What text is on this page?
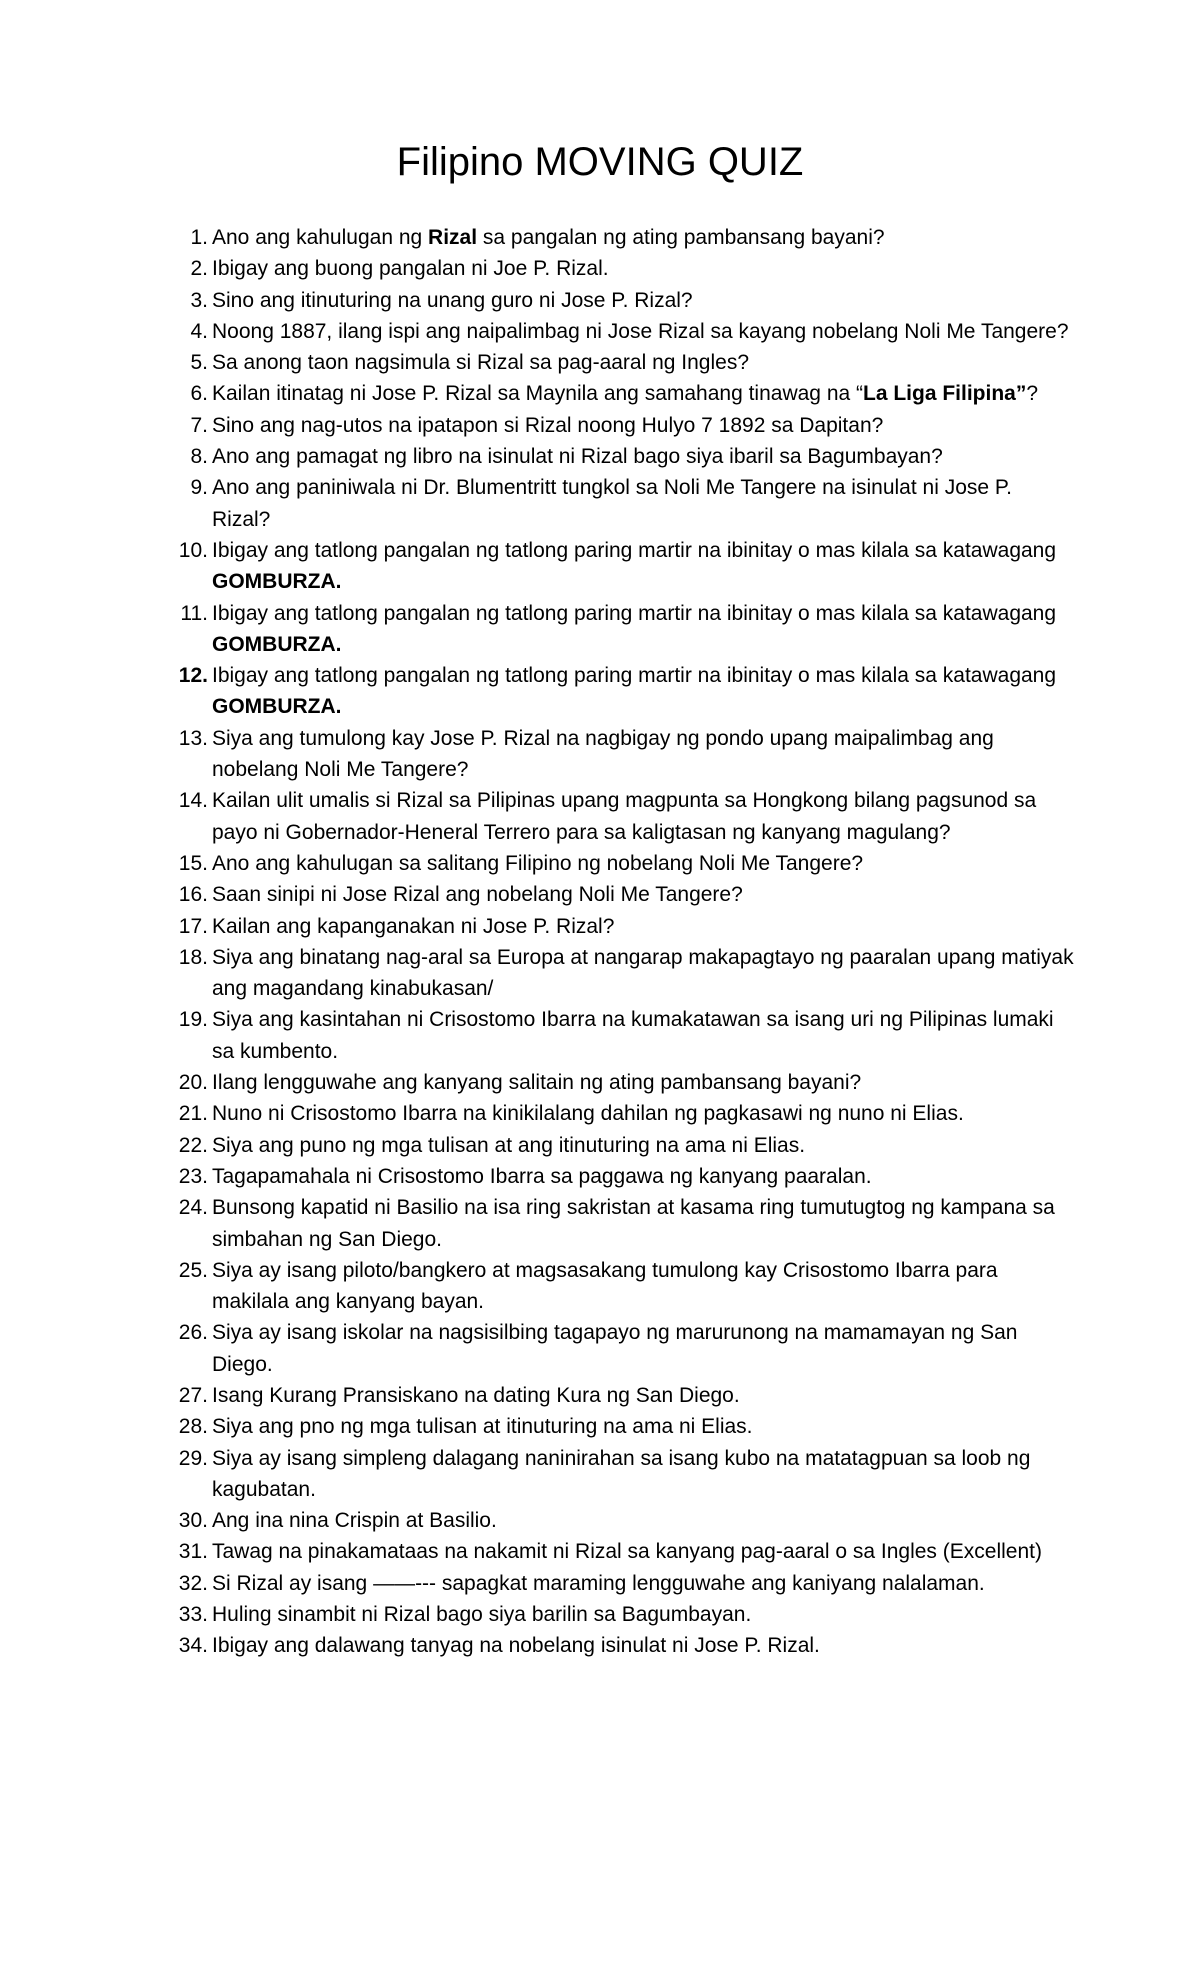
Filipino MOVING QUIZ
1. Ano ang kahulugan ng Rizal sa pangalan ng ating pambansang bayani?
2. Ibigay ang buong pangalan ni Joe P. Rizal.
3. Sino ang itinuturing na unang guro ni Jose P. Rizal?
4. Noong 1887, ilang ispi ang naipalimbag ni Jose Rizal sa kayang nobelang Noli Me Tangere?
5. Sa anong taon nagsimula si Rizal sa pag-aaral ng Ingles?
6. Kailan itinatag ni Jose P. Rizal sa Maynila ang samahang tinawag na “La Liga Filipina”?
7. Sino ang nag-utos na ipatapon si Rizal noong Hulyo 7 1892 sa Dapitan?
8. Ano ang pamagat ng libro na isinulat ni Rizal bago siya ibaril sa Bagumbayan?
9. Ano ang paniniwala ni Dr. Blumentritt tungkol sa Noli Me Tangere na isinulat ni Jose P. Rizal?
10. Ibigay ang tatlong pangalan ng tatlong paring martir na ibinitay o mas kilala sa katawagang GOMBURZA.
11. Ibigay ang tatlong pangalan ng tatlong paring martir na ibinitay o mas kilala sa katawagang GOMBURZA.
12. Ibigay ang tatlong pangalan ng tatlong paring martir na ibinitay o mas kilala sa katawagang GOMBURZA.
13. Siya ang tumulong kay Jose P. Rizal na nagbigay ng pondo upang maipalimbag ang nobelang Noli Me Tangere?
14. Kailan ulit umalis si Rizal sa Pilipinas upang magpunta sa Hongkong bilang pagsunod sa payo ni Gobernador-Heneral Terrero para sa kaligtasan ng kanyang magulang?
15. Ano ang kahulugan sa salitang Filipino ng nobelang Noli Me Tangere?
16. Saan sinipi ni Jose Rizal ang nobelang Noli Me Tangere?
17. Kailan ang kapanganakan ni Jose P. Rizal?
18. Siya ang binatang nag-aral sa Europa at nangarap makapagtayo ng paaralan upang matiyak ang magandang kinabukasan/
19. Siya ang kasintahan ni Crisostomo Ibarra na kumakatawan sa isang uri ng Pilipinas lumaki sa kumbento.
20. Ilang lengguwahe ang kanyang salitain ng ating pambansang bayani?
21. Nuno ni Crisostomo Ibarra na kinikilalang dahilan ng pagkasawi ng nuno ni Elias.
22. Siya ang puno ng mga tulisan at ang itinuturing na ama ni Elias.
23. Tagapamahala ni Crisostomo Ibarra sa paggawa ng kanyang paaralan.
24. Bunsong kapatid ni Basilio na isa ring sakristan at kasama ring tumutugtog ng kampana sa simbahan ng San Diego.
25. Siya ay isang piloto/bangkero at magsasakang tumulong kay Crisostomo Ibarra para makilala ang kanyang bayan.
26. Siya ay isang iskolar na nagsisilbing tagapayo ng marurunong na mamamayan ng San Diego.
27. Isang Kurang Pransiskano na dating Kura ng San Diego.
28. Siya ang pno ng mga tulisan at itinuturing na ama ni Elias.
29. Siya ay isang simpleng dalagang naninirahan sa isang kubo na matatagpuan sa loob ng kagubatan.
30. Ang ina nina Crispin at Basilio.
31. Tawag na pinakamataas na nakamit ni Rizal sa kanyang pag-aaral o sa Ingles (Excellent)
32. Si Rizal ay isang ——--- sapagkat maraming lengguwahe ang kaniyang nalalaman.
33. Huling sinambit ni Rizal bago siya barilin sa Bagumbayan.
34. Ibigay ang dalawang tanyag na nobelang isinulat ni Jose P. Rizal.
